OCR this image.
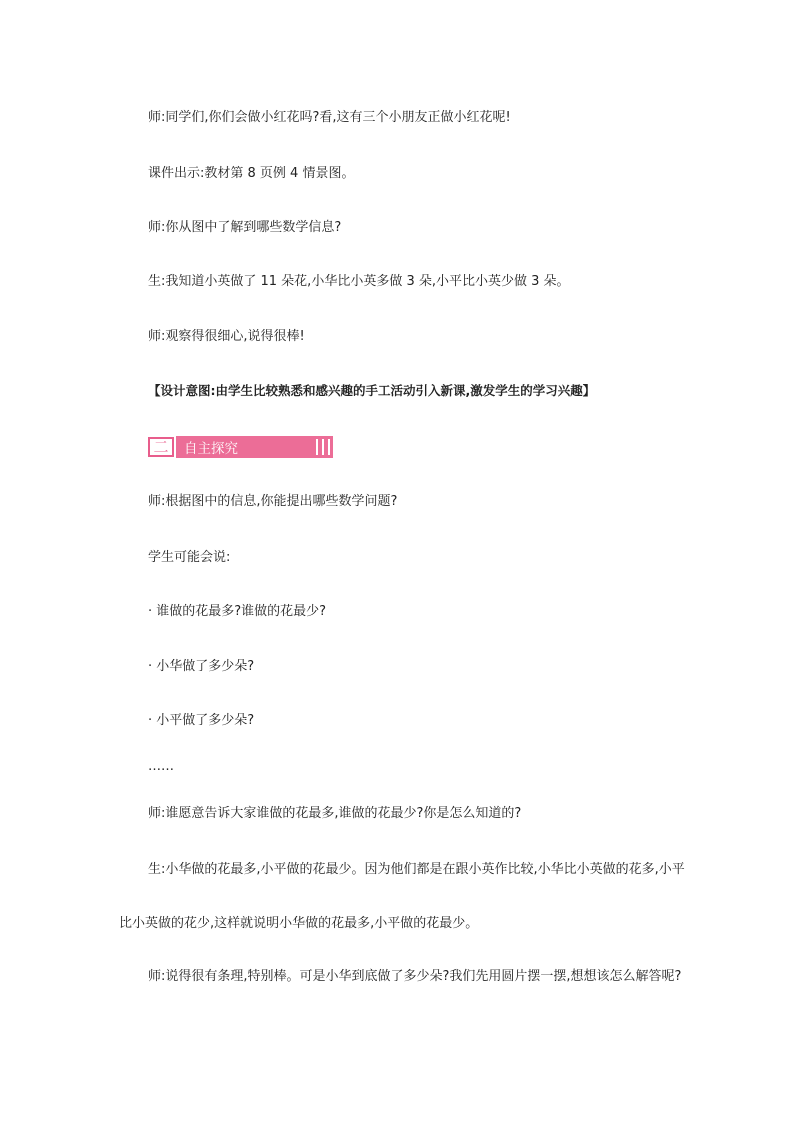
师:同学们,你们会做小红花吗?看,这有三个小朋友正做小红花呢!
课件出示:教材第 8 页例 4 情景图。
师:你从图中了解到哪些数学信息?
生:我知道小英做了 11 朵花,小华比小英多做 3 朵,小平比小英少做 3 朵。
师:观察得很细心,说得很棒!
【设计意图:由学生比较熟悉和感兴趣的手工活动引入新课,激发学生的学习兴趣】
二	自主探究
师:根据图中的信息,你能提出哪些数学问题?
学生可能会说:
· 谁做的花最多?谁做的花最少?
· 小华做了多少朵?
· 小平做了多少朵?
……
师:谁愿意告诉大家谁做的花最多,谁做的花最少?你是怎么知道的?
生:小华做的花最多,小平做的花最少。因为他们都是在跟小英作比较,小华比小英做的花多,小平比小英做的花少,这样就说明小华做的花最多,小平做的花最少。
师:说得很有条理,特别棒。可是小华到底做了多少朵?我们先用圆片摆一摆,想想该怎么解答呢?
